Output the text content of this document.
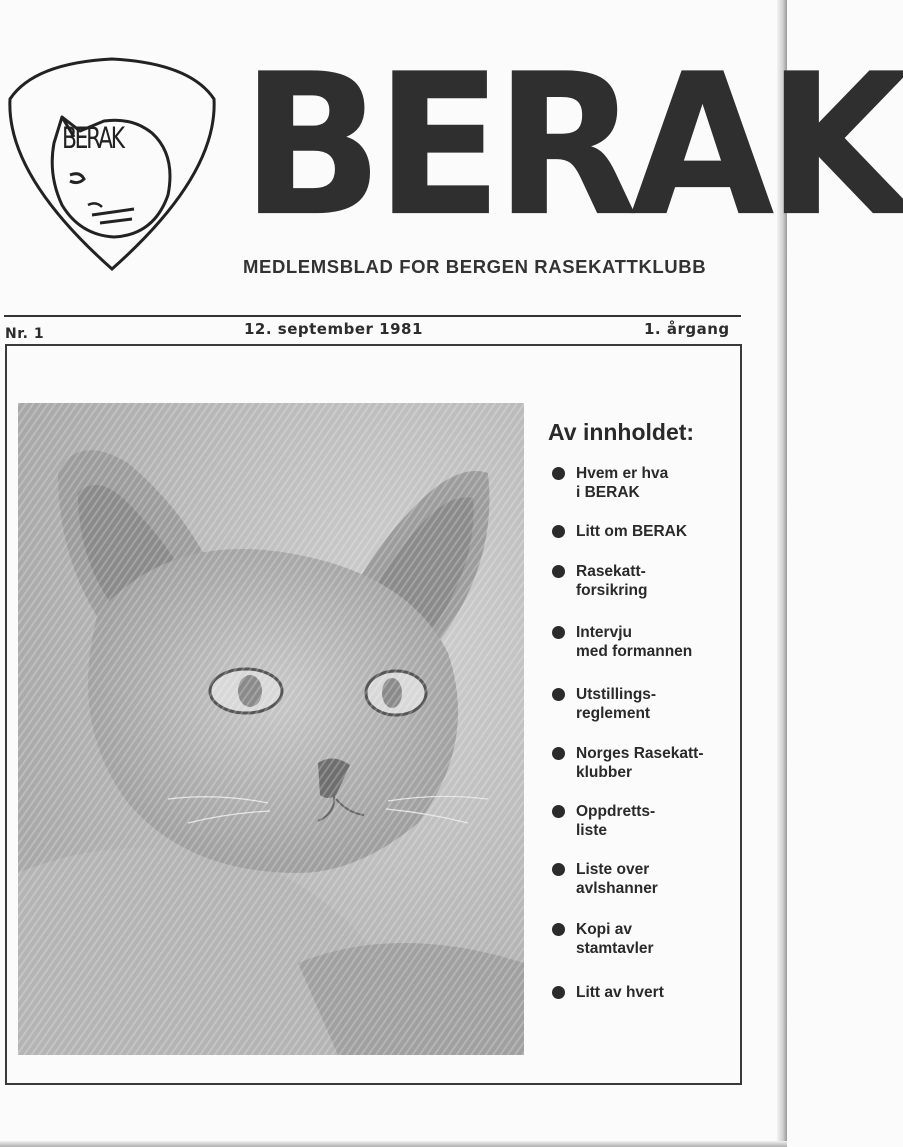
BERAK BERAK
MEDLEMSBLAD FOR BERGEN RASEKATTKLUBB
Nr. 1	12. september 1981	1. årgang
Av innholdet:
Hvem er hva
i BERAK
Litt om BERAK
Rasekatt-
forsikring
Intervju
med formannen
Utstillings-
reglement
Norges Rasekatt-
klubber
Oppdretts-
liste
Liste over
avlshanner
Kopi av
stamtavler
Litt av hvert
